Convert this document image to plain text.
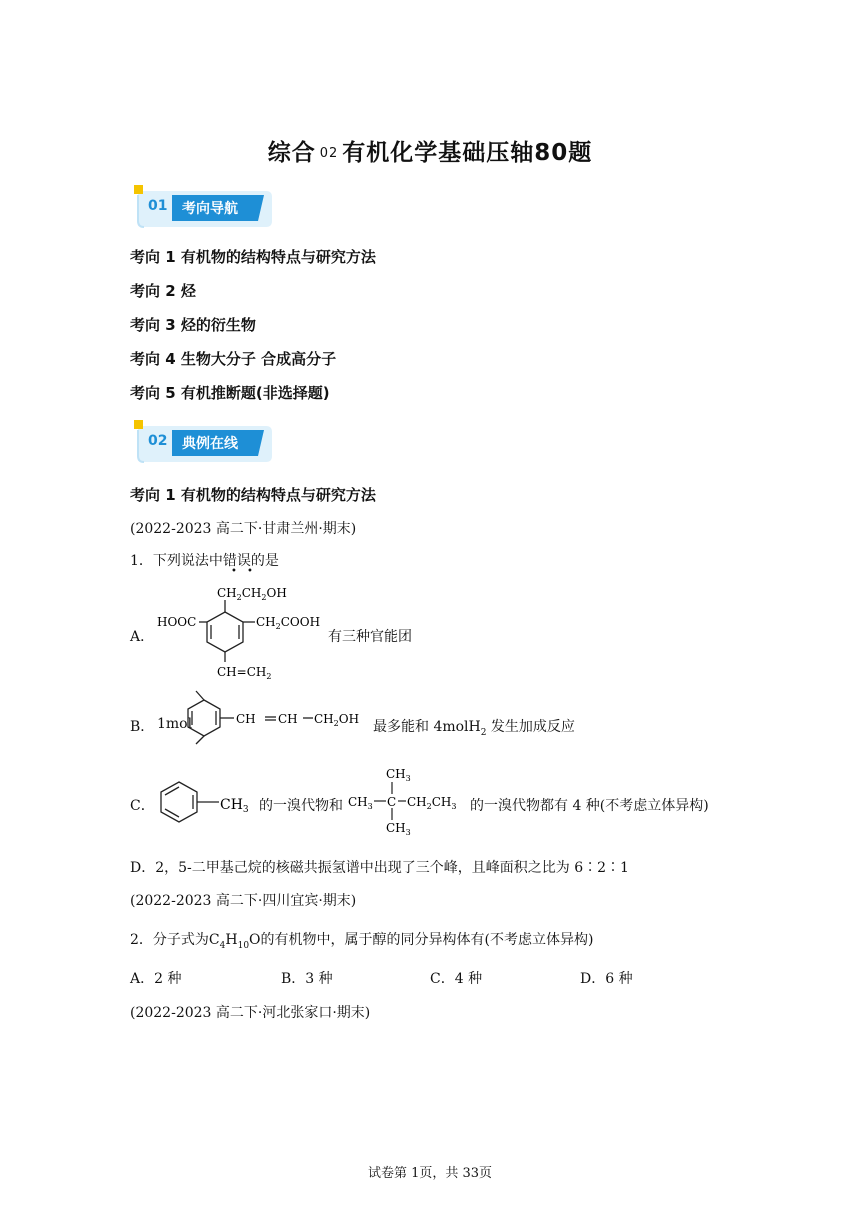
综合 02 有机化学基础压轴80题
01 考向导航
考向 1 有机物的结构特点与研究方法
考向 2 烃
考向 3 烃的衍生物
考向 4 生物大分子 合成高分子
考向 5 有机推断题(非选择题)
02 典例在线
考向 1 有机物的结构特点与研究方法
(2022-2023 高二下·甘肃兰州·期末)
1．下列说法中错误的是
• •
A．
$CH_2CH_2OH$
HOOC	$CH_2COOH$
$CH=CH_2$
有三种官能团
B． 1mol	CH CH $CH_2OH$ 最多能和 4molH$_2$ 发生加成反应
C．	$CH_3$ 的一溴代物和
$CH_3$
$CH_3$ C $CH_2CH_3$
$CH_3$
的一溴代物都有 4 种(不考虑立体异构)
D．2，5-二甲基己烷的核磁共振氢谱中出现了三个峰，且峰面积之比为 6∶2∶1
(2022-2023 高二下·四川宜宾·期末)
2．分子式为$C_4H_{10}O$的有机物中，属于醇的同分异构体有(不考虑立体异构)
A．2 种	B．3 种	C．4 种	D．6 种
(2022-2023 高二下·河北张家口·期末)
试卷第 1页，共 33页
